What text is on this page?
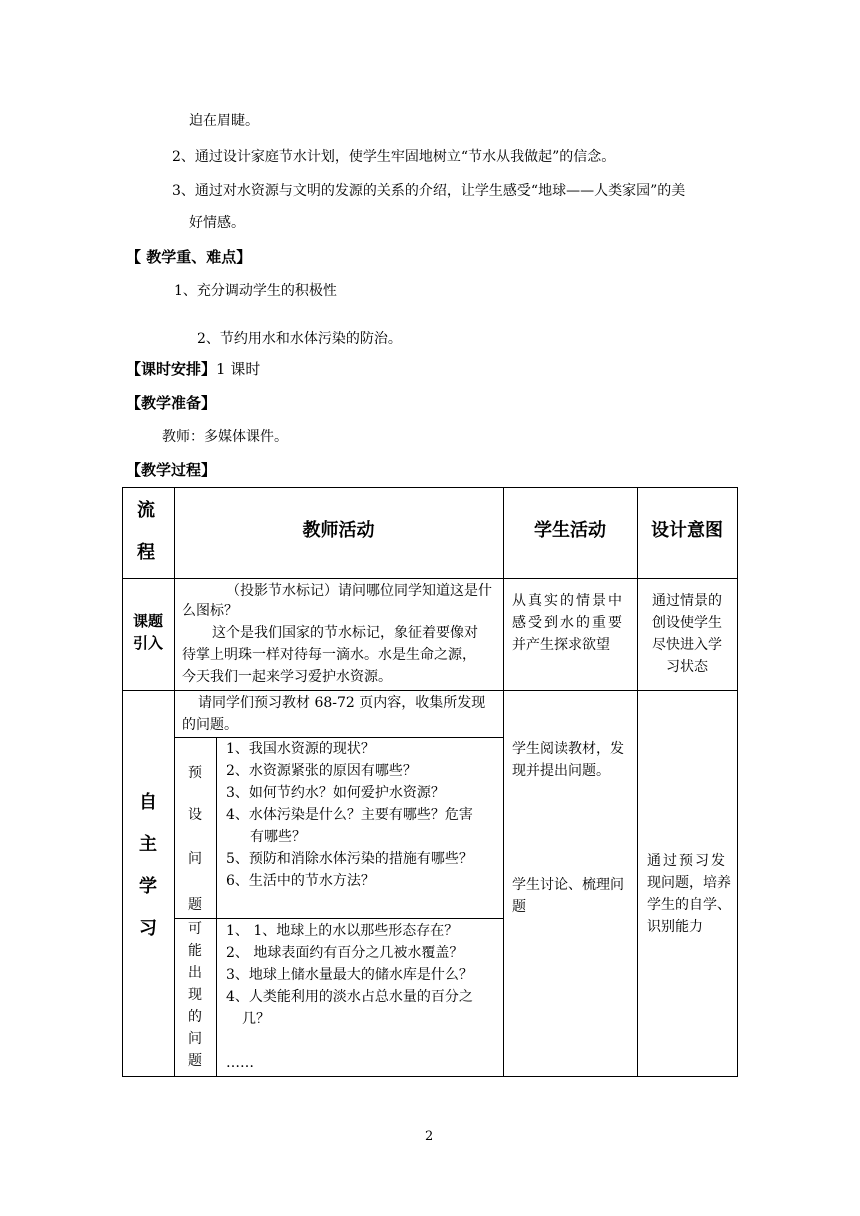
迫在眉睫。
2、通过设计家庭节水计划，使学生牢固地树立“节水从我做起”的信念。
3、通过对水资源与文明的发源的关系的介绍，让学生感受“地球——人类家园”的美
好情感。
【 教学重、难点】
1、充分调动学生的积极性
2、节约用水和水体污染的防治。
【课时安排】1 课时
【教学准备】
教师：多媒体课件。
【教学过程】
流
程
教师活动	学生活动	设计意图
课题
引入
（投影节水标记）请问哪位同学知道这是什
么图标？
这个是我们国家的节水标记，象征着要像对
待掌上明珠一样对待每一滴水。水是生命之源，
今天我们一起来学习爱护水资源。
从真实的情景中
感受到水的重要
并产生探求欲望
通过情景的
创设使学生
尽快进入学
习状态
自
主
学
习
请同学们预习教材 68-72 页内容，收集所发现
的问题。
预
设
问
题
1、我国水资源的现状？
2、水资源紧张的原因有哪些？
3、如何节约水？如何爱护水资源？
4、水体污染是什么？主要有哪些？危害
有哪些？
5、预防和消除水体污染的措施有哪些？
6、生活中的节水方法？
可
能
出
现
的
问
题
1、 1、地球上的水以那些形态存在？
2、 地球表面约有百分之几被水覆盖？
3、地球上储水量最大的储水库是什么？
4、人类能利用的淡水占总水量的百分之
几？
……
学生阅读教材，发
现并提出问题。
学生讨论、梳理问
题
通过预习发
现问题，培养
学生的自学、
识别能力
2
